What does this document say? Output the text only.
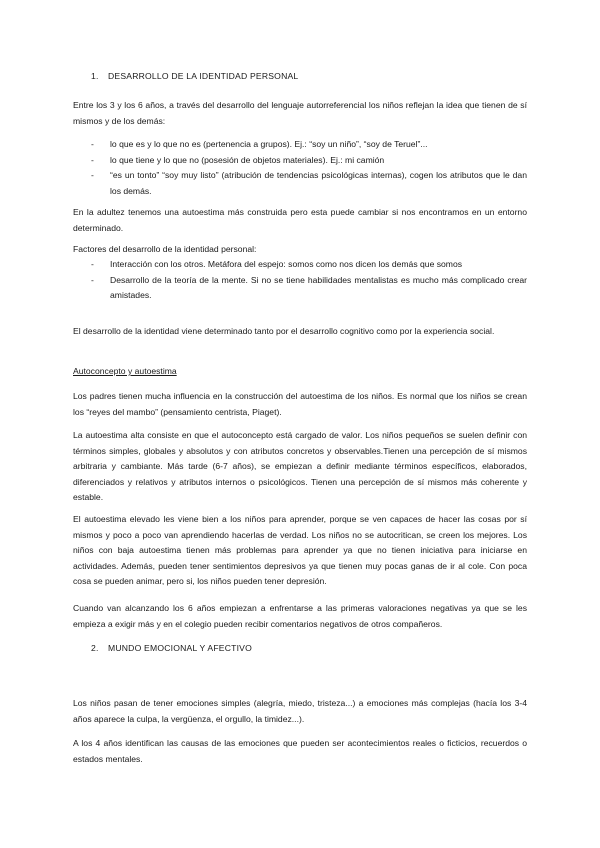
1. DESARROLLO DE LA IDENTIDAD PERSONAL

Entre los 3 y los 6 años, a través del desarrollo del lenguaje autorreferencial los niños reflejan la idea que tienen de sí mismos y de los demás:

- lo que es y lo que no es (pertenencia a grupos). Ej.: “soy un niño”, “soy de Teruel”...
- lo que tiene y lo que no (posesión de objetos materiales). Ej.: mi camión
- “es un tonto” “soy muy listo” (atribución de tendencias psicológicas internas), cogen los atributos que le dan los demás.

En la adultez tenemos una autoestima más construida pero esta puede cambiar si nos encontramos en un entorno determinado.

Factores del desarrollo de la identidad personal:

- Interacción con los otros. Metáfora del espejo: somos como nos dicen los demás que somos
- Desarrollo de la teoría de la mente. Si no se tiene habilidades mentalistas es mucho más complicado crear amistades.

El desarrollo de la identidad viene determinado tanto por el desarrollo cognitivo como por la experiencia social.

Autoconcepto y autoestima

Los padres tienen mucha influencia en la construcción del autoestima de los niños. Es normal que los niños se crean los “reyes del mambo” (pensamiento centrista, Piaget).

La autoestima alta consiste en que el autoconcepto está cargado de valor. Los niños pequeños se suelen definir con términos simples, globales y absolutos y con atributos concretos y observables.Tienen una percepción de sí mismos arbitraria y cambiante. Más tarde (6-7 años), se empiezan a definir mediante términos específicos, elaborados, diferenciados y relativos y atributos internos o psicológicos. Tienen una percepción de sí mismos más coherente y estable.

El autoestima elevado les viene bien a los niños para aprender, porque se ven capaces de hacer las cosas por sí mismos y poco a poco van aprendiendo hacerlas de verdad. Los niños no se autocritican, se creen los mejores. Los niños con baja autoestima tienen más problemas para aprender ya que no tienen iniciativa para iniciarse en actividades. Además, pueden tener sentimientos depresivos ya que tienen muy pocas ganas de ir al cole. Con poca cosa se pueden animar, pero si, los niños pueden tener depresión.

Cuando van alcanzando los 6 años empiezan a enfrentarse a las primeras valoraciones negativas ya que se les empieza a exigir más y en el colegio pueden recibir comentarios negativos de otros compañeros.

2. MUNDO EMOCIONAL Y AFECTIVO

Los niños pasan de tener emociones simples (alegría, miedo, tristeza...) a emociones más complejas (hacía los 3-4 años aparece la culpa, la vergüenza, el orgullo, la timidez...).

A los 4 años identifican las causas de las emociones que pueden ser acontecimientos reales o ficticios, recuerdos o estados mentales.
